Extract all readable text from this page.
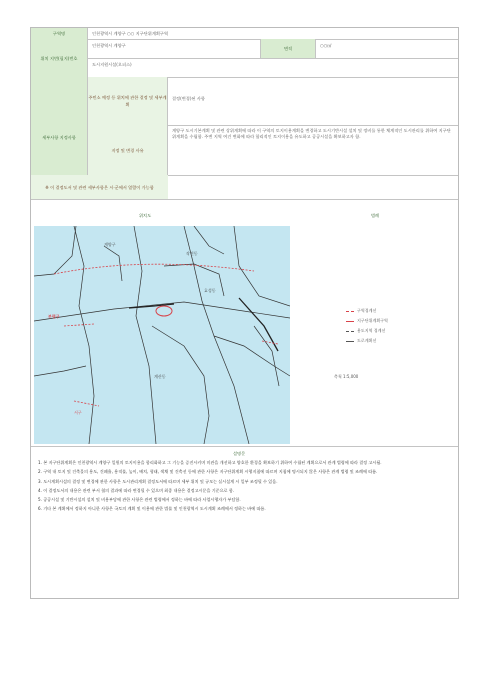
구역명	인천광역시 계양구 ○○ 지구단위계획구역
위치 지번(필지)번호
인천광역시 계양구
면적
○○㎡
도시지원시설(오피스)
세부사항 지정사항
주민소 예정 등 위치에 관한 결정 및 세부계획
결정(변경)된 사항
지정 및 변경 사유
계양구 도시기본계획 및 관련 상위계획에 따라 이 구역의 토지이용계획을 변경하고 도시기반시설 설치 및 정비를 통한 체계적인 도시관리를 위하여 지구단위계획을 수립함. 주변 지역 여건 변화에 따라 합리적인 토지이용을 유도하고 공공시설을 확보하고자 함.
※ 이 결정도서 및 관련 세부사항은 시·군에서 열람이 가능함
위치도	범례
계양구
작전동
효성동
부평구
계산동
서구
구역경계선
지구단위계획구역
용도지역 경계선
도로계획선
축척 1:5,000
설명문

1. 본 지구단위계획은 인천광역시 계양구 일원의 토지이용을 합리화하고 그 기능을 증진시키며 미관을 개선하고 양호한 환경을 확보하기 위하여 수립된 계획으로서 관계 법령에 따라 결정 고시됨.

2. 구역 내 토지 및 건축물의 용도, 건폐율, 용적률, 높이, 배치, 형태, 색채 및 건축선 등에 관한 사항은 지구단위계획 시행지침에 따르며 지침에 명시되지 않은 사항은 관계 법령 및 조례에 따름.

3. 도시계획시설의 결정 및 변경에 관한 사항은 도시관리계획 결정도서에 따르며 세부 위치 및 규모는 실시설계 시 일부 조정될 수 있음.

4. 이 결정도서의 내용은 관련 부서 협의 결과에 따라 변경될 수 있으며 최종 내용은 결정고시문을 기준으로 함.

5. 공공시설 및 기반시설의 설치 및 비용부담에 관한 사항은 관련 법령에서 정하는 바에 따라 사업시행자가 부담함.

6. 기타 본 계획에서 정하지 아니한 사항은 국토의 계획 및 이용에 관한 법률 및 인천광역시 도시계획 조례에서 정하는 바에 따름.
